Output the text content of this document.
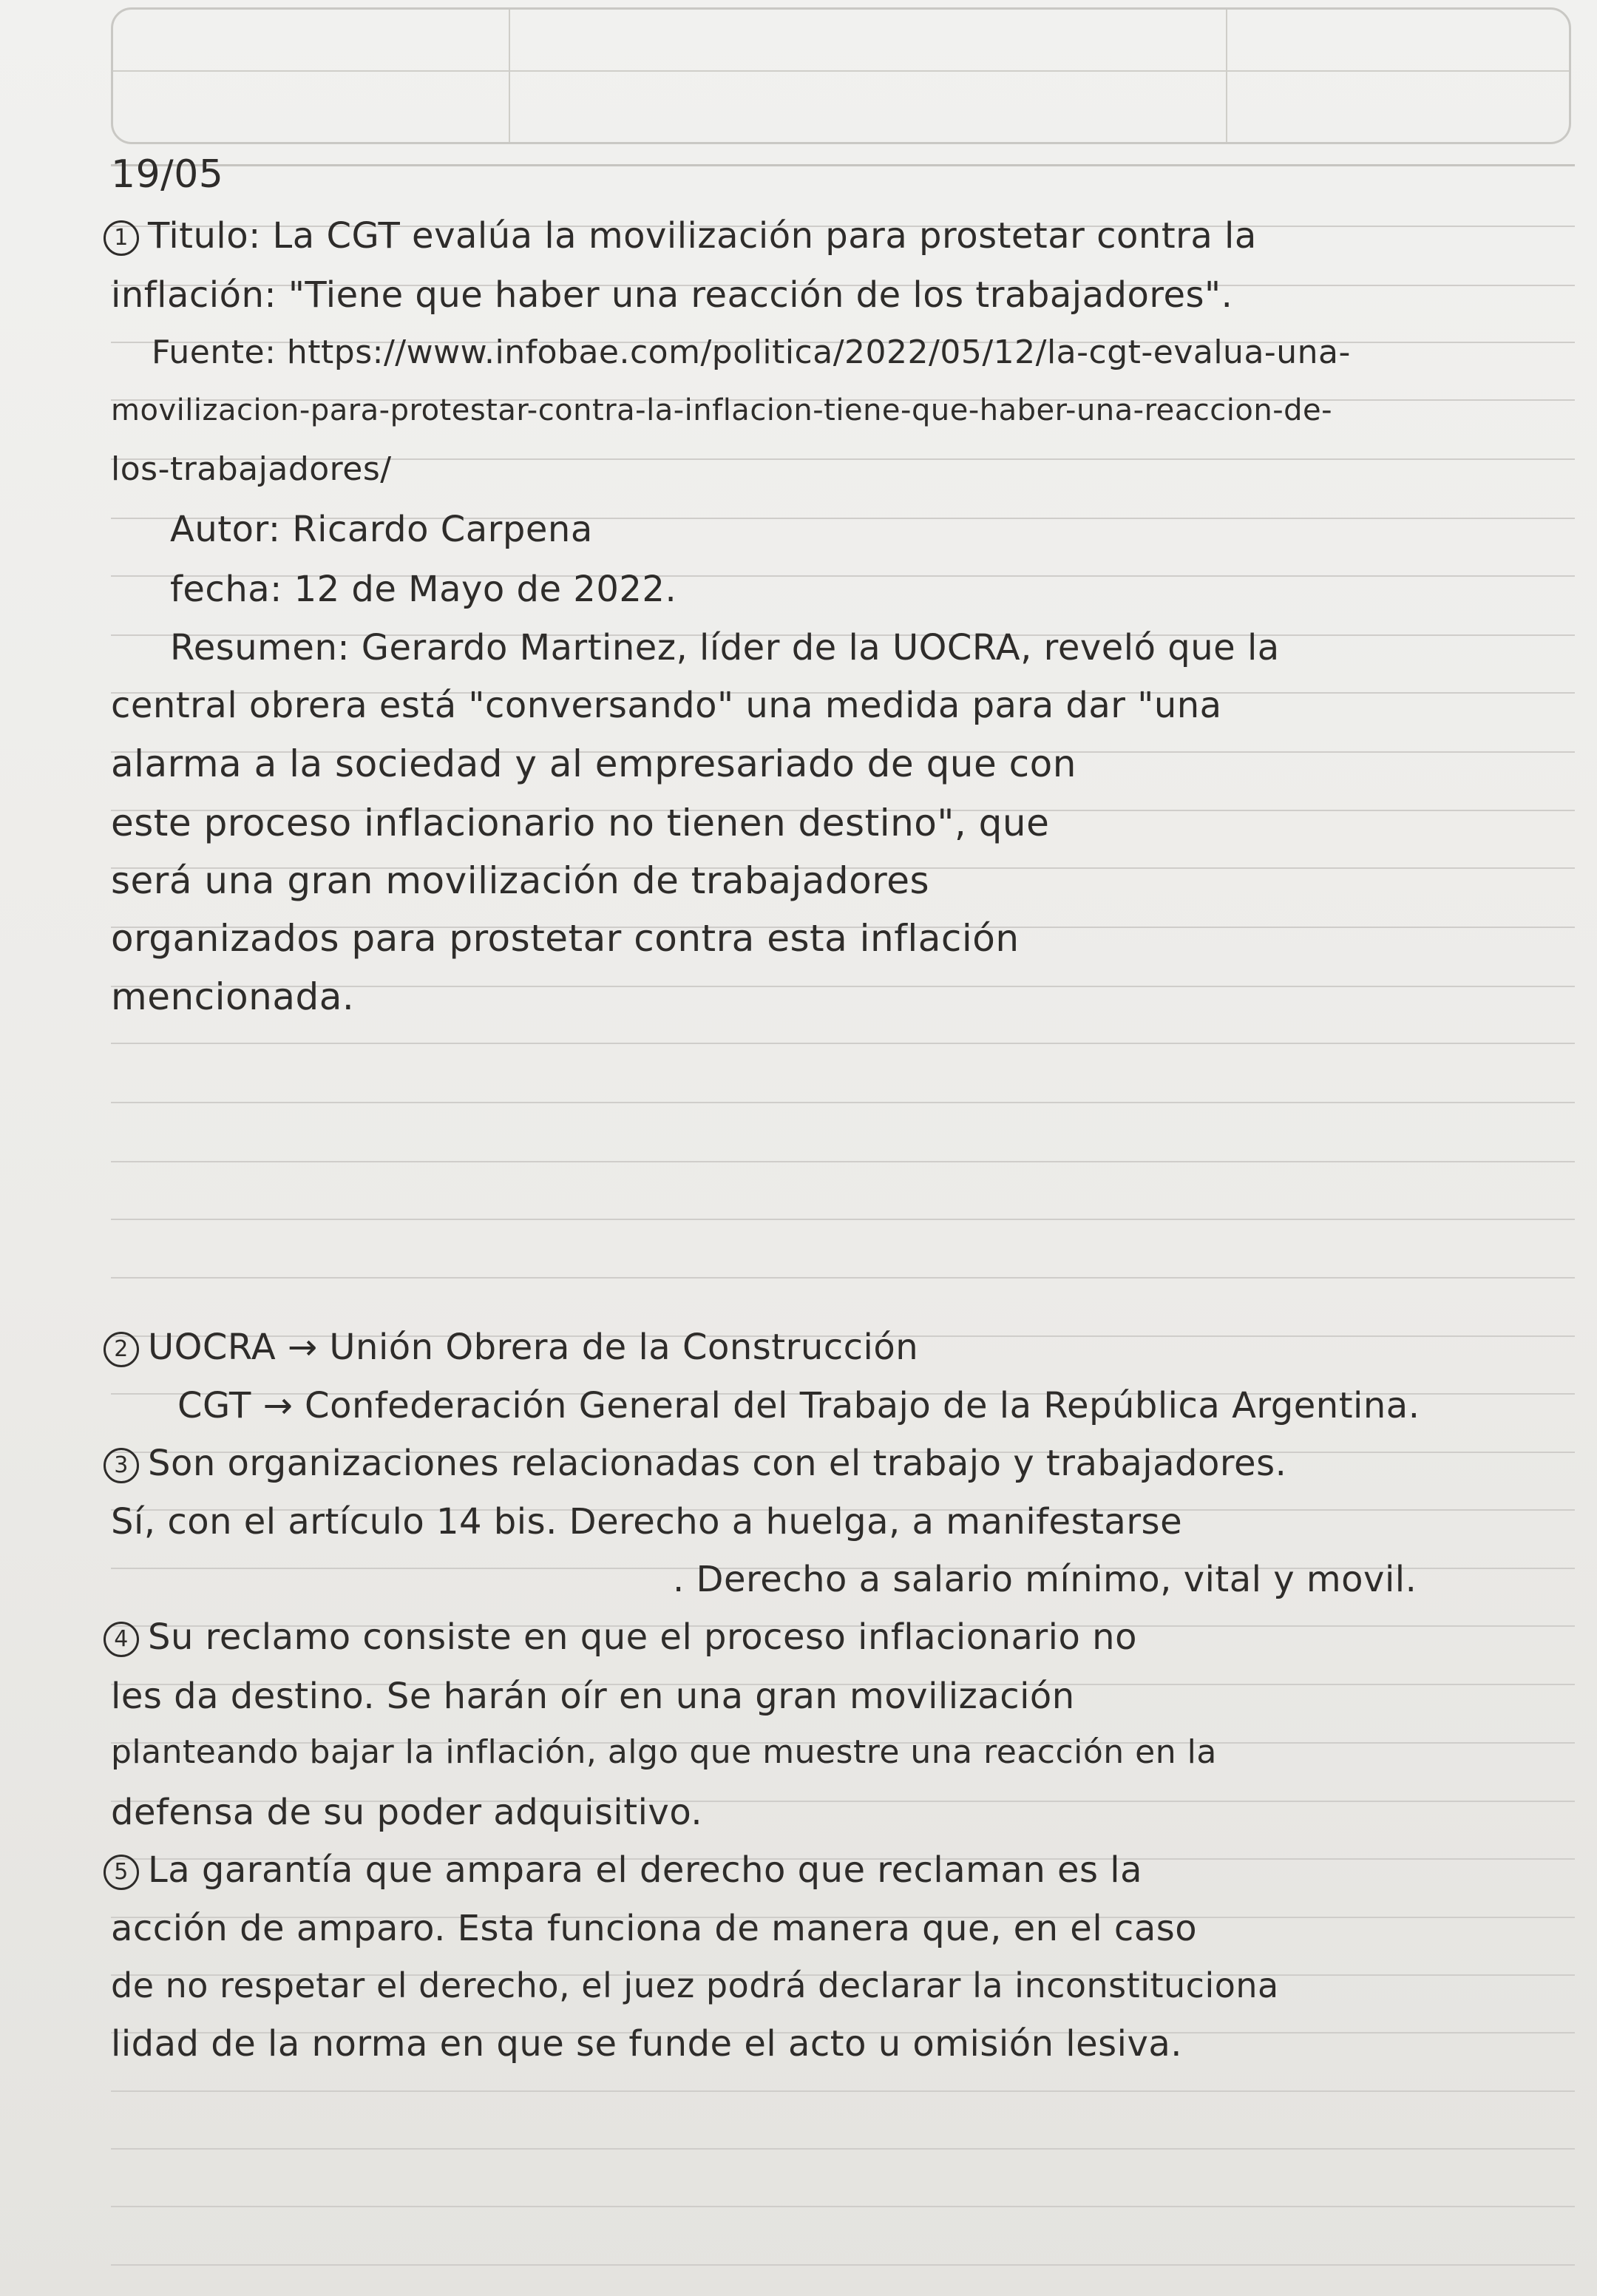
19/05
1 Titulo: La CGT evalúa la movilización para prostetar contra la
inflación: "Tiene que haber una reacción de los trabajadores".
Fuente: https://www.infobae.com/politica/2022/05/12/la-cgt-evalua-una-
movilizacion-para-protestar-contra-la-inflacion-tiene-que-haber-una-reaccion-de-
los-trabajadores/
Autor: Ricardo Carpena
fecha: 12 de Mayo de 2022.
Resumen: Gerardo Martinez, líder de la UOCRA, reveló que la
central obrera está "conversando" una medida para dar "una
alarma a la sociedad y al empresariado de que con
este proceso inflacionario no tienen destino", que
será una gran movilización de trabajadores
organizados para prostetar contra esta inflación
mencionada.
2 UOCRA → Unión Obrera de la Construcción
CGT → Confederación General del Trabajo de la República Argentina.
3 Son organizaciones relacionadas con el trabajo y trabajadores.
Sí, con el artículo 14 bis. Derecho a huelga, a manifestarse
. Derecho a salario mínimo, vital y movil.
4 Su reclamo consiste en que el proceso inflacionario no
les da destino. Se harán oír en una gran movilización
planteando bajar la inflación, algo que muestre una reacción en la
defensa de su poder adquisitivo.
5 La garantía que ampara el derecho que reclaman es la
acción de amparo. Esta funciona de manera que, en el caso
de no respetar el derecho, el juez podrá declarar la inconstituciona
lidad de la norma en que se funde el acto u omisión lesiva.
